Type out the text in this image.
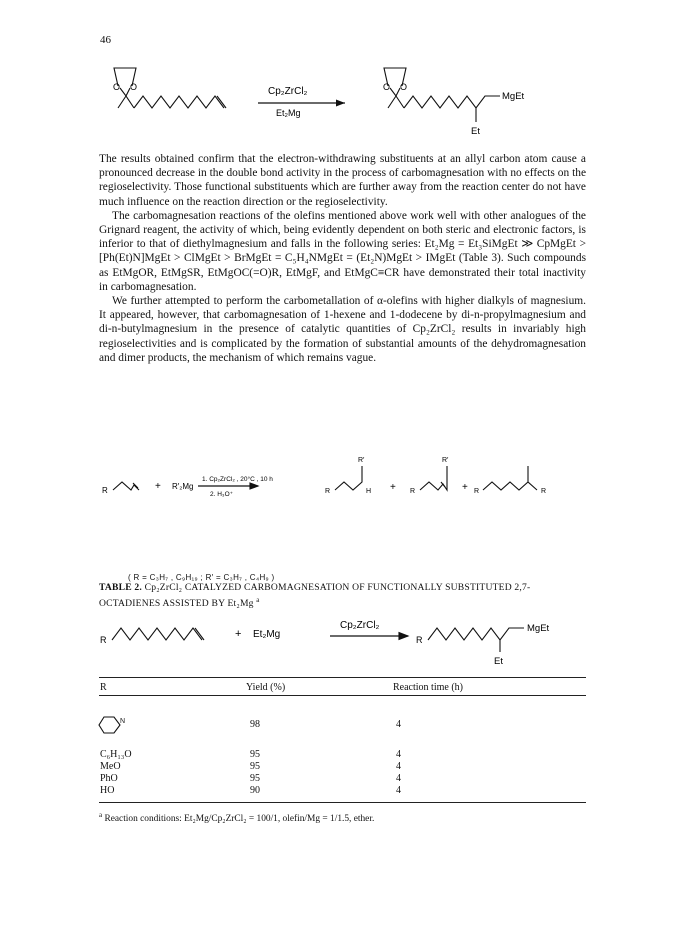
46
O O	Cp₂ZrCl₂
Et₂Mg
O O
MgEt
Et

The results obtained confirm that the electron-withdrawing substituents at an allyl carbon atom cause a pronounced decrease in the double bond activity in the process of carbomagnesation with no effects on the regioselectivity. Those functional substituents which are further away from the reaction center do not have much influence on the reaction direction or the regioselectivity.

The carbomagnesation reactions of the olefins mentioned above work well with other analogues of the Grignard reagent, the activity of which, being evidently dependent on both steric and electronic factors, is inferior to that of diethylmagnesium and falls in the following series: Et₂Mg = Et₃SiMgEt ≫ CpMgEt > [Ph(Et)N]MgEt > ClMgEt > BrMgEt = C₅H₄NMgEt = (Et₂N)MgEt > IMgEt (Table 3). Such compounds as EtMgOR, EtMgSR, EtMgOC(=O)R, EtMgF, and EtMgC≡CR have demonstrated their total inactivity in carbomagnesation.

We further attempted to perform the carbometallation of α-olefins with higher dialkyls of magnesium. It appeared, however, that carbomagnesation of 1-hexene and 1-dodecene by di-n-propylmagnesium and di-n-butylmagnesium in the presence of catalytic quantities of Cp₂ZrCl₂ results in invariably high regioselectivities and is complicated by the formation of substantial amounts of the dehydromagnesation and dimer products, the mechanism of which remains vague.

R	+ R′₂Mg
1. Cp₂ZrCl₂ , 20°C , 10 h
2. H₃O⁺
R′	R′
R	H + R	+ R	R
( R = C₃H₇ , C₉H₁₉ ; R′ = C₃H₇ , C₄H₉ )
TABLE 2. Cp₂ZrCl₂ CATALYZED CARBOMAGNESATION OF FUNCTIONALLY SUBSTITUTED 2,7-OCTADIENES ASSISTED BY Et₂Mg $^a$
R	+ Et₂Mg
Cp₂ZrCl₂
R
MgEt
Et
R	Yield (%)	Reaction time (h)
N	98	4
C₆H₁₃O	95	4
MeO	95	4
PhO	95	4
HO	90	4
$^a$ Reaction conditions: Et₂Mg/Cp₂ZrCl₂ = 100/1, olefin/Mg = 1/1.5, ether.
